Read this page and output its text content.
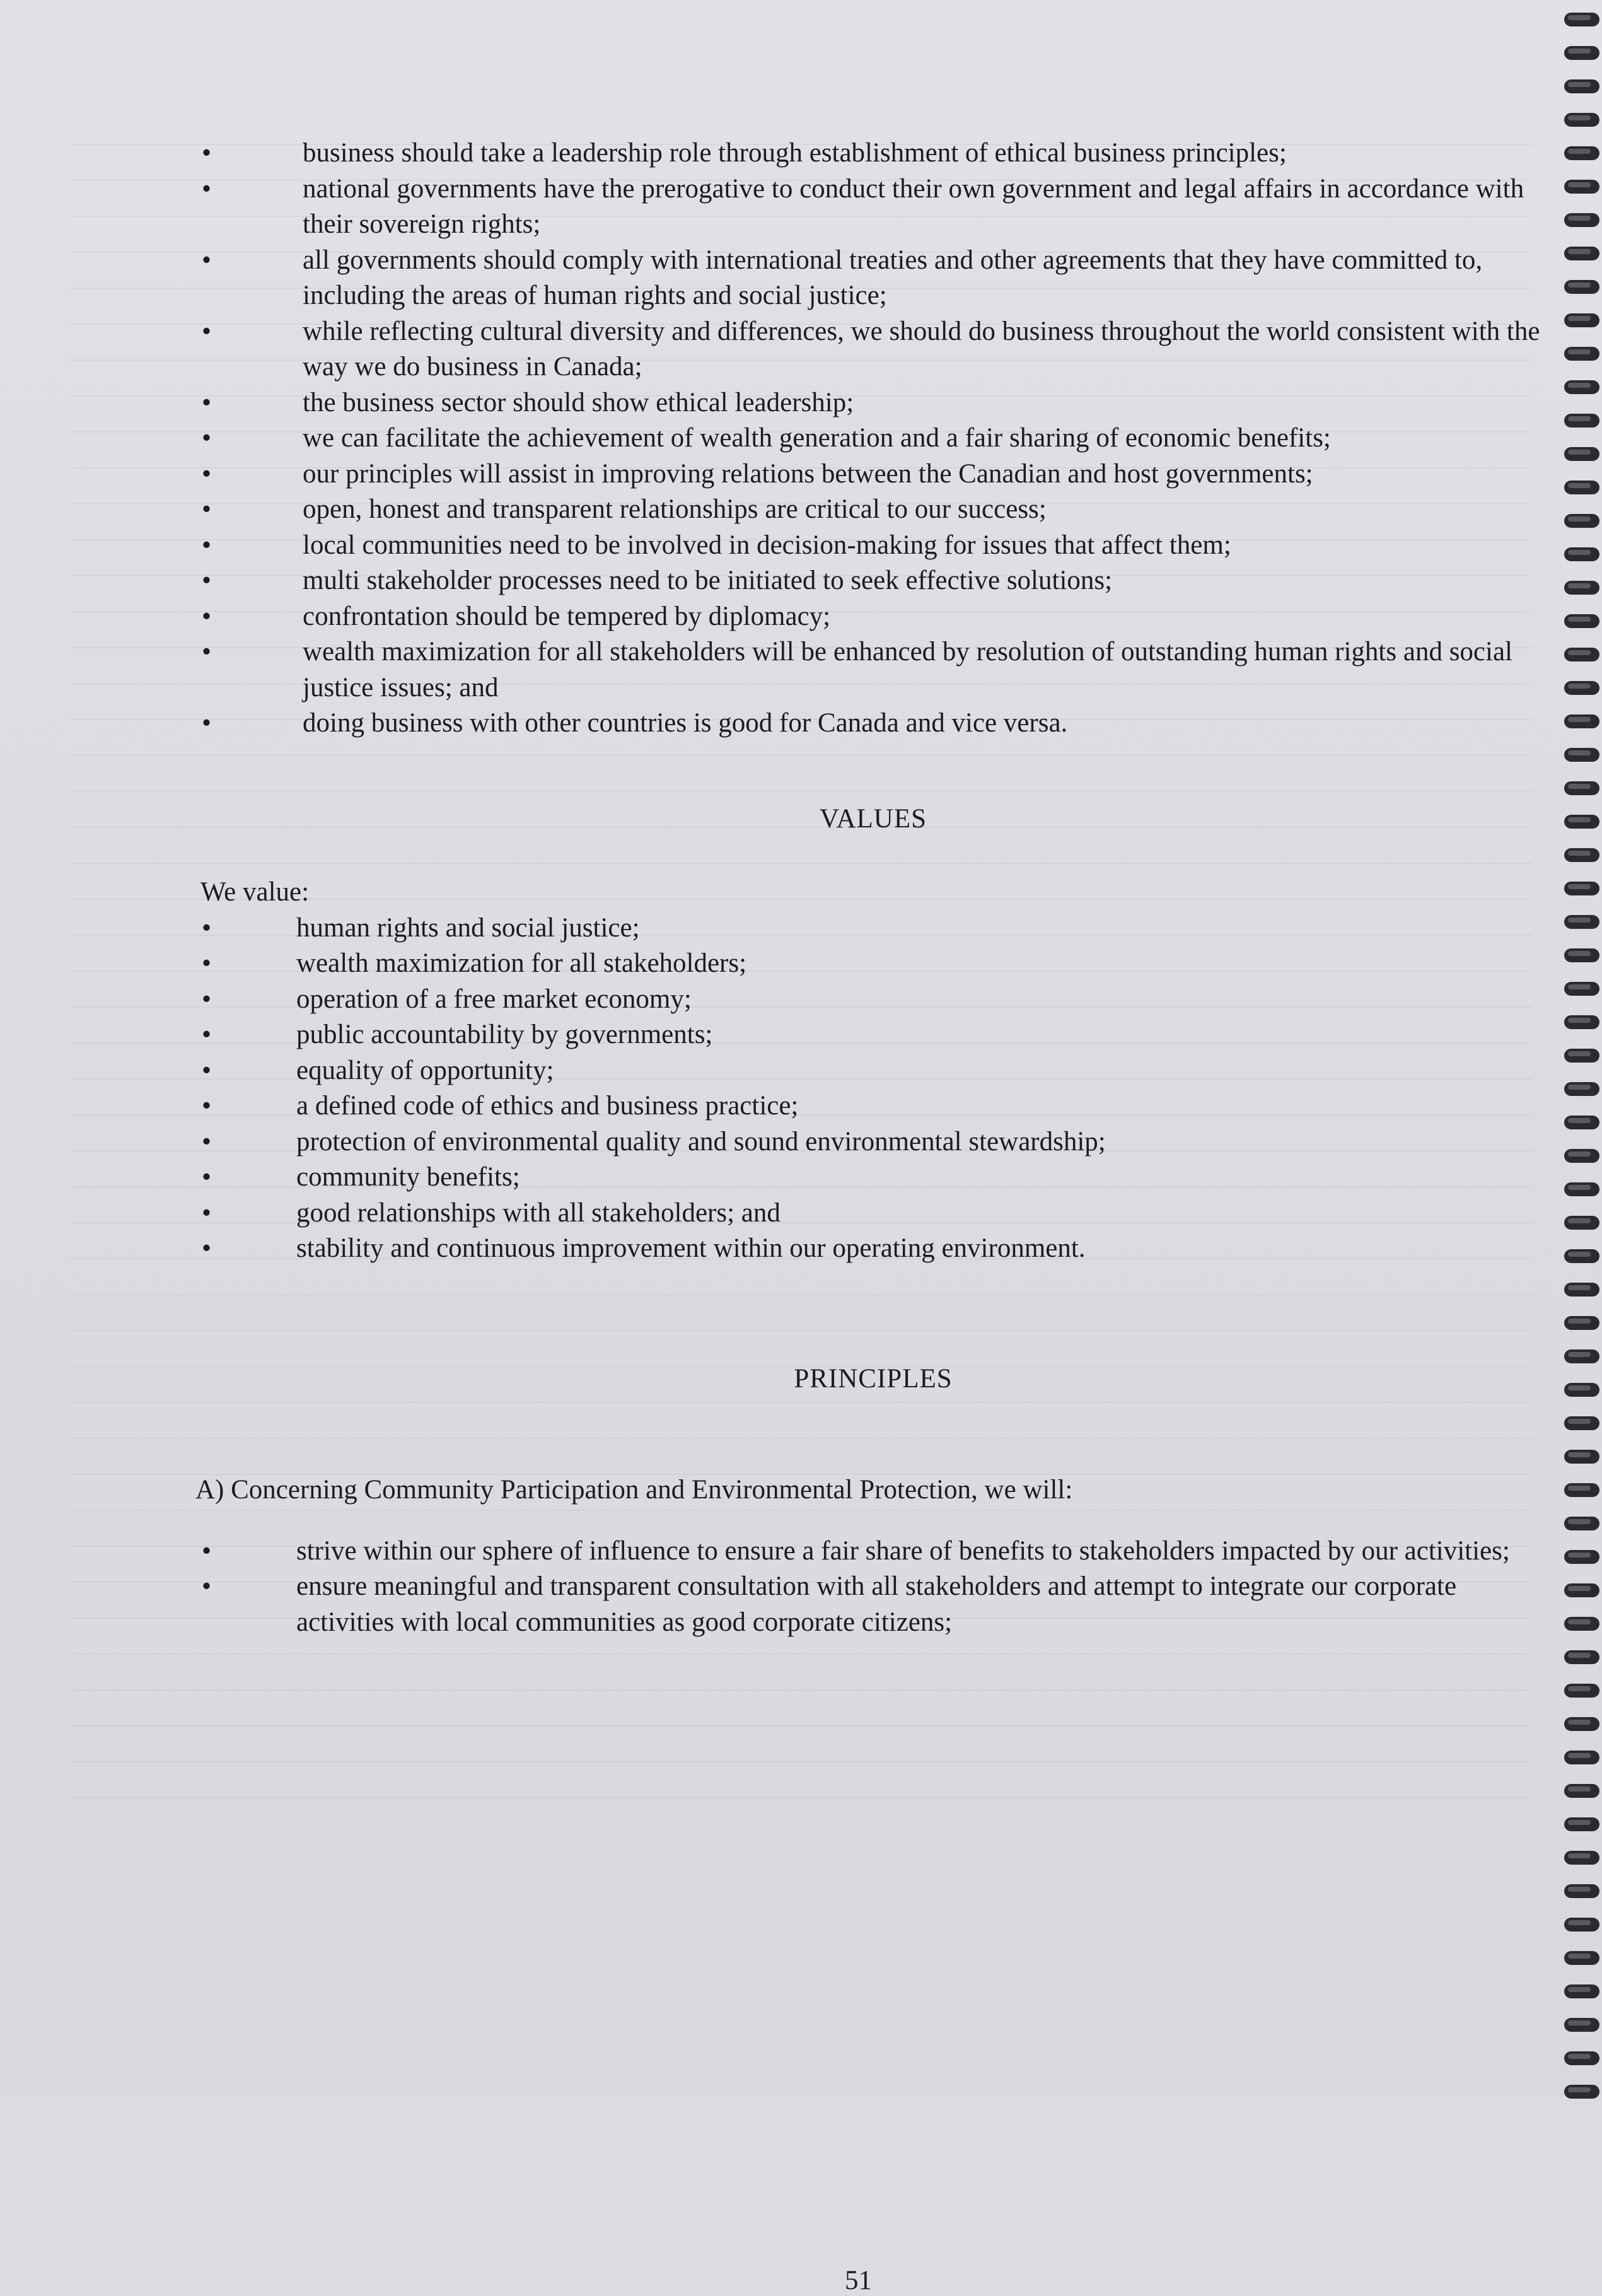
•	business should take a leadership role through establishment of ethical business principles;
•	national governments have the prerogative to conduct their own government and legal affairs in accordance with their sovereign rights;
•	all governments should comply with international treaties and other agreements that they have committed to, including the areas of human rights and social justice;
•	while reflecting cultural diversity and differences, we should do business throughout the world consistent with the way we do business in Canada;
•	the business sector should show ethical leadership;
•	we can facilitate the achievement of wealth generation and a fair sharing of economic benefits;
•	our principles will assist in improving relations between the Canadian and host governments;
•	open, honest and transparent relationships are critical to our success;
•	local communities need to be involved in decision-making for issues that affect them;
•	multi stakeholder processes need to be initiated to seek effective solutions;
•	confrontation should be tempered by diplomacy;
•	wealth maximization for all stakeholders will be enhanced by resolution of outstanding human rights and social justice issues; and
•	doing business with other countries is good for Canada and vice versa.
VALUES

We value:

•	human rights and social justice;
•	wealth maximization for all stakeholders;
•	operation of a free market economy;
•	public accountability by governments;
•	equality of opportunity;
•	a defined code of ethics and business practice;
•	protection of environmental quality and sound environmental stewardship;
•	community benefits;
•	good relationships with all stakeholders; and
•	stability and continuous improvement within our operating environment.
PRINCIPLES

A) Concerning Community Participation and Environmental Protection, we will:

•	strive within our sphere of influence to ensure a fair share of benefits to stakeholders impacted by our activities;
•	ensure meaningful and transparent consultation with all stakeholders and attempt to integrate our corporate activities with local communities as good corporate citizens;
51
